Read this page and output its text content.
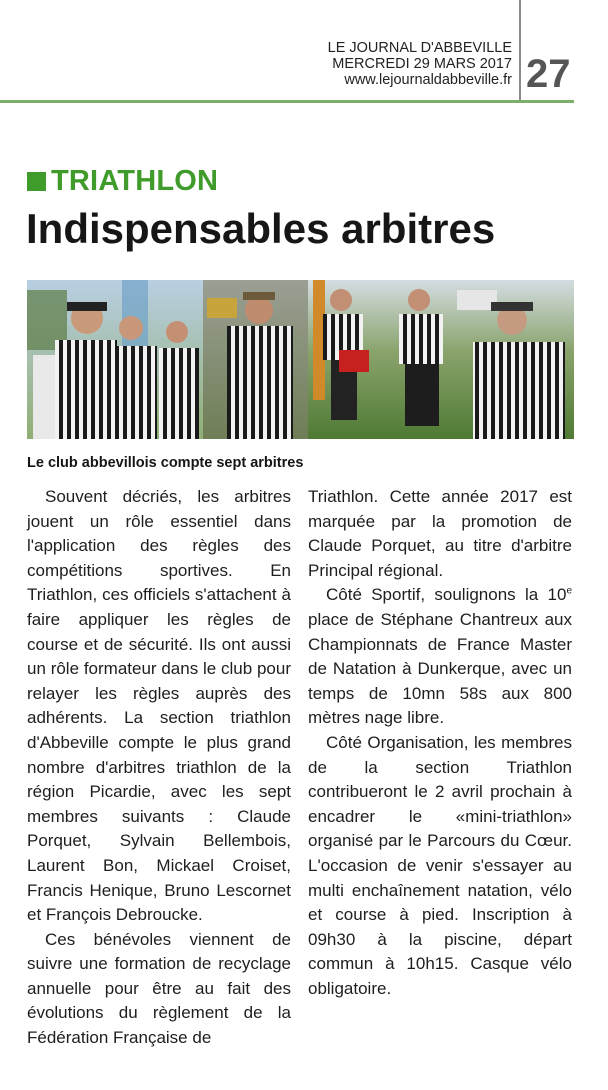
LE JOURNAL D'ABBEVILLE
MERCREDI 29 MARS 2017
www.lejournaldabbeville.fr 27
TRIATHLON
Indispensables arbitres
Le club abbevillois compte sept arbitres

Souvent décriés, les arbitres jouent un rôle essentiel dans l'application des règles des compétitions sportives. En Triathlon, ces officiels s'attachent à faire appliquer les règles de course et de sécurité. Ils ont aussi un rôle formateur dans le club pour relayer les règles auprès des adhérents. La section triathlon d'Abbeville compte le plus grand nombre d'arbitres triathlon de la région Picardie, avec les sept membres suivants : Claude Porquet, Sylvain Bellembois, Laurent Bon, Mickael Croiset, Francis Henique, Bruno Lescornet et François Debroucke.

Ces bénévoles viennent de suivre une formation de recyclage annuelle pour être au fait des évolutions du règlement de la Fédération Française de

Triathlon. Cette année 2017 est marquée par la promotion de Claude Porquet, au titre d'arbitre Principal régional.

Côté Sportif, soulignons la 10e place de Stéphane Chantreux aux Championnats de France Master de Natation à Dunkerque, avec un temps de 10mn 58s aux 800 mètres nage libre.

Côté Organisation, les membres de la section Triathlon contribueront le 2 avril prochain à encadrer le «mini-triathlon» organisé par le Parcours du Cœur. L'occasion de venir s'essayer au multi enchaînement natation, vélo et course à pied. Inscription à 09h30 à la piscine, départ commun à 10h15. Casque vélo obligatoire.
